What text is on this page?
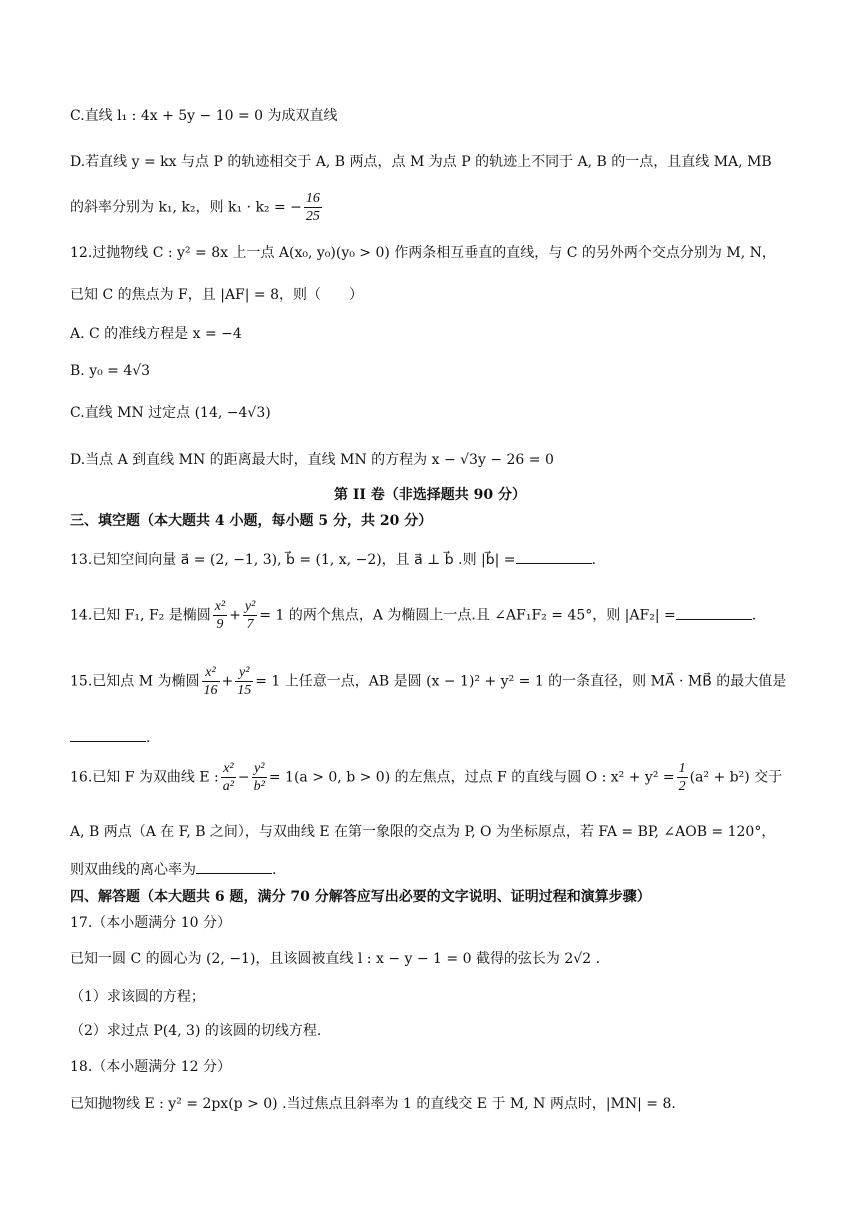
C.直线 l₁ : 4x + 5y − 10 = 0 为成双直线
D.若直线 y = kx 与点 P 的轨迹相交于 A, B 两点，点 M 为点 P 的轨迹上不同于 A, B 的一点，且直线 MA, MB
的斜率分别为 k₁, k₂，则 k₁ · k₂ = − $\frac{16}{25}$
12.过抛物线 C : y² = 8x 上一点 A(x₀, y₀)(y₀ > 0) 作两条相互垂直的直线，与 C 的另外两个交点分别为 M, N，
已知 C 的焦点为 F，且 |AF| = 8，则（　　）
A. C 的准线方程是 x = −4
B. y₀ = 4√3
C.直线 MN 过定点 (14, −4√3)
D.当点 A 到直线 MN 的距离最大时，直线 MN 的方程为 x − √3y − 26 = 0
第 II 卷（非选择题共 90 分）
三、填空题（本大题共 4 小题，每小题 5 分，共 20 分）
13.已知空间向量 a⃗ = (2, −1, 3), b⃗ = (1, x, −2)，且 a⃗ ⊥ b⃗ .则 |b⃗| =	.
14.已知 F₁, F₂ 是椭圆 $\frac{\text{x²}}{9} + \frac{\text{y²}}{7} = 1$ 的两个焦点，A 为椭圆上一点.且 ∠AF₁F₂ = 45°，则 |AF₂| =	.
15.已知点 M 为椭圆 $\frac{\text{x²}}{16} + \frac{\text{y²}}{15} = 1$ 上任意一点，AB 是圆 (x − 1)² + y² = 1 的一条直径，则 MA⃗ · MB⃗ 的最大值是
.
16.已知 F 为双曲线 E : $\frac{\text{x²}}{\text{a²}} - \frac{\text{y²}}{\text{b²}} = 1(a > 0$, b > 0) 的左焦点，过点 F 的直线与圆 O : $x^2 + y^2 = \frac{1}{2} (a^2 + b^2)$ 交于
A, B 两点（A 在 F, B 之间），与双曲线 E 在第一象限的交点为 P, O 为坐标原点，若 FA = BP, ∠AOB = 120°，
则双曲线的离心率为	.
四、解答题（本大题共 6 题，满分 70 分解答应写出必要的文字说明、证明过程和演算步骤）
17.（本小题满分 10 分）
已知一圆 C 的圆心为 (2, −1)，且该圆被直线 l : x − y − 1 = 0 截得的弦长为 2√2 .
（1）求该圆的方程；
（2）求过点 P(4, 3) 的该圆的切线方程.
18.（本小题满分 12 分）
已知抛物线 E : y² = 2px(p > 0) .当过焦点且斜率为 1 的直线交 E 于 M, N 两点时，|MN| = 8.
